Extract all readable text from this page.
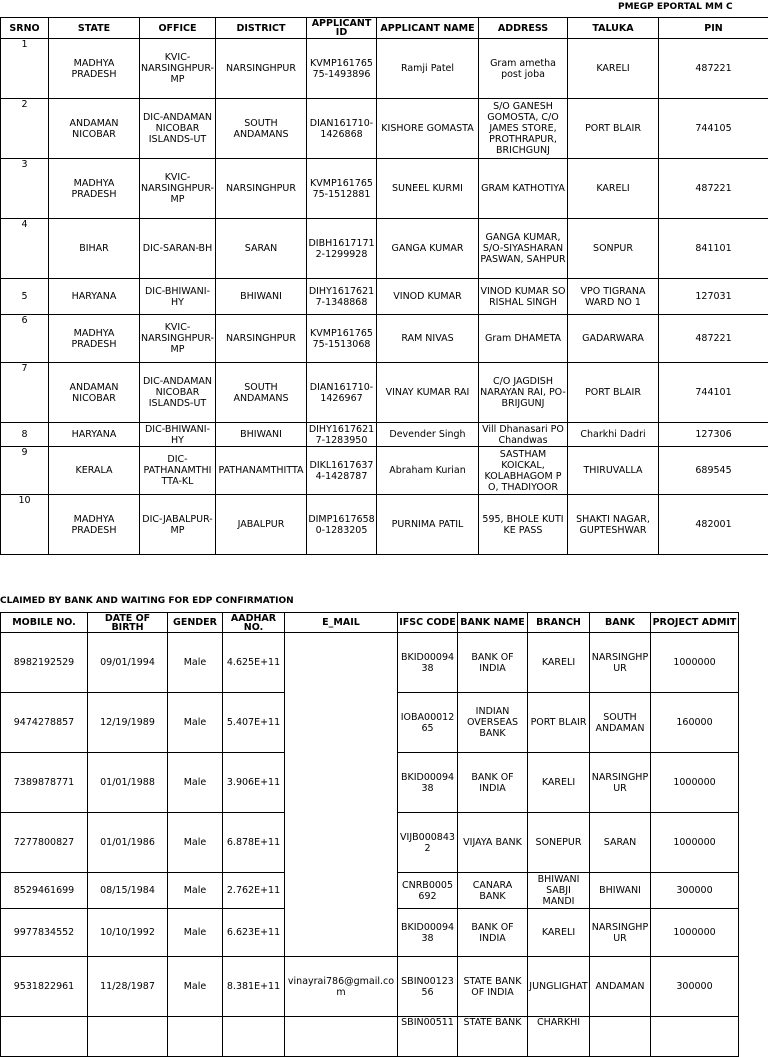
PMEGP EPORTAL MM C
SRNO	STATE	OFFICE	DISTRICT	APPLICANT ID	APPLICANT NAME	ADDRESS	TALUKA	PIN
1	MADHYA PRADESH	KVIC-NARSINGHPUR-MP	NARSINGHPUR	KVMP16176575-1493896	Ramji Patel	Gram ametha post joba	KARELI	487221
2	ANDAMAN NICOBAR	DIC-ANDAMAN NICOBAR ISLANDS-UT	SOUTH ANDAMANS	DIAN161710-1426868	KISHORE GOMASTA	S/O GANESH GOMOSTA, C/O JAMES STORE, PROTHRAPUR, BRICHGUNJ	PORT BLAIR	744105
3	MADHYA PRADESH	KVIC-NARSINGHPUR-MP	NARSINGHPUR	KVMP16176575-1512881	SUNEEL KURMI	GRAM KATHOTIYA	KARELI	487221
4	BIHAR	DIC-SARAN-BH	SARAN	DIBH16171712-1299928	GANGA KUMAR	GANGA KUMAR, S/O-SIYASHARAN PASWAN, SAHPUR	SONPUR	841101
5	HARYANA	DIC-BHIWANI-HY	BHIWANI	DIHY16176217-1348868	VINOD KUMAR	VINOD KUMAR SO RISHAL SINGH	VPO TIGRANA WARD NO 1	127031
6	MADHYA PRADESH	KVIC-NARSINGHPUR-MP	NARSINGHPUR	KVMP16176575-1513068	RAM NIVAS	Gram DHAMETA	GADARWARA	487221
7	ANDAMAN NICOBAR	DIC-ANDAMAN NICOBAR ISLANDS-UT	SOUTH ANDAMANS	DIAN161710-1426967	VINAY KUMAR RAI	C/O JAGDISH NARAYAN RAI, PO- BRIJGUNJ	PORT BLAIR	744101
8	HARYANA	DIC-BHIWANI-HY	BHIWANI	DIHY16176217-1283950	Devender Singh	Vill Dhanasari PO Chandwas	Charkhi Dadri	127306
9	KERALA	DIC-PATHANAMTHITTA-KL	PATHANAMTHITTA	DIKL16176374-1428787	Abraham Kurian	SASTHAM KOICKAL, KOLABHAGOM P O, THADIYOOR	THIRUVALLA	689545
10	MADHYA PRADESH	DIC-JABALPUR-MP	JABALPUR	DIMP16176580-1283205	PURNIMA PATIL	595, BHOLE KUTI KE PASS	SHAKTI NAGAR, GUPTESHWAR	482001
CLAIMED BY BANK AND WAITING FOR EDP CONFIRMATION
MOBILE NO.	DATE OF BIRTH	GENDER	AADHAR NO.	E_MAIL	IFSC CODE	BANK NAME	BRANCH	BANK	PROJECT ADMIT
8982192529	09/01/1994	Male	4.625E+11		BKID0009438	BANK OF INDIA	KARELI	NARSINGHPUR	1000000
9474278857	12/19/1989	Male	5.407E+11		IOBA0001265	INDIAN OVERSEAS BANK	PORT BLAIR	SOUTH ANDAMAN	160000
7389878771	01/01/1988	Male	3.906E+11		BKID0009438	BANK OF INDIA	KARELI	NARSINGHPUR	1000000
7277800827	01/01/1986	Male	6.878E+11		VIJB0008432	VIJAYA BANK	SONEPUR	SARAN	1000000
8529461699	08/15/1984	Male	2.762E+11		CNRB0005692	CANARA BANK	BHIWANI SABJI MANDI	BHIWANI	300000
9977834552	10/10/1992	Male	6.623E+11		BKID0009438	BANK OF INDIA	KARELI	NARSINGHPUR	1000000
9531822961	11/28/1987	Male	8.381E+11	vinayrai786@gmail.com	SBIN0012356	STATE BANK OF INDIA	JUNGLIGHAT	ANDAMAN	300000
					SBIN00511	STATE BANK	CHARKHI		
